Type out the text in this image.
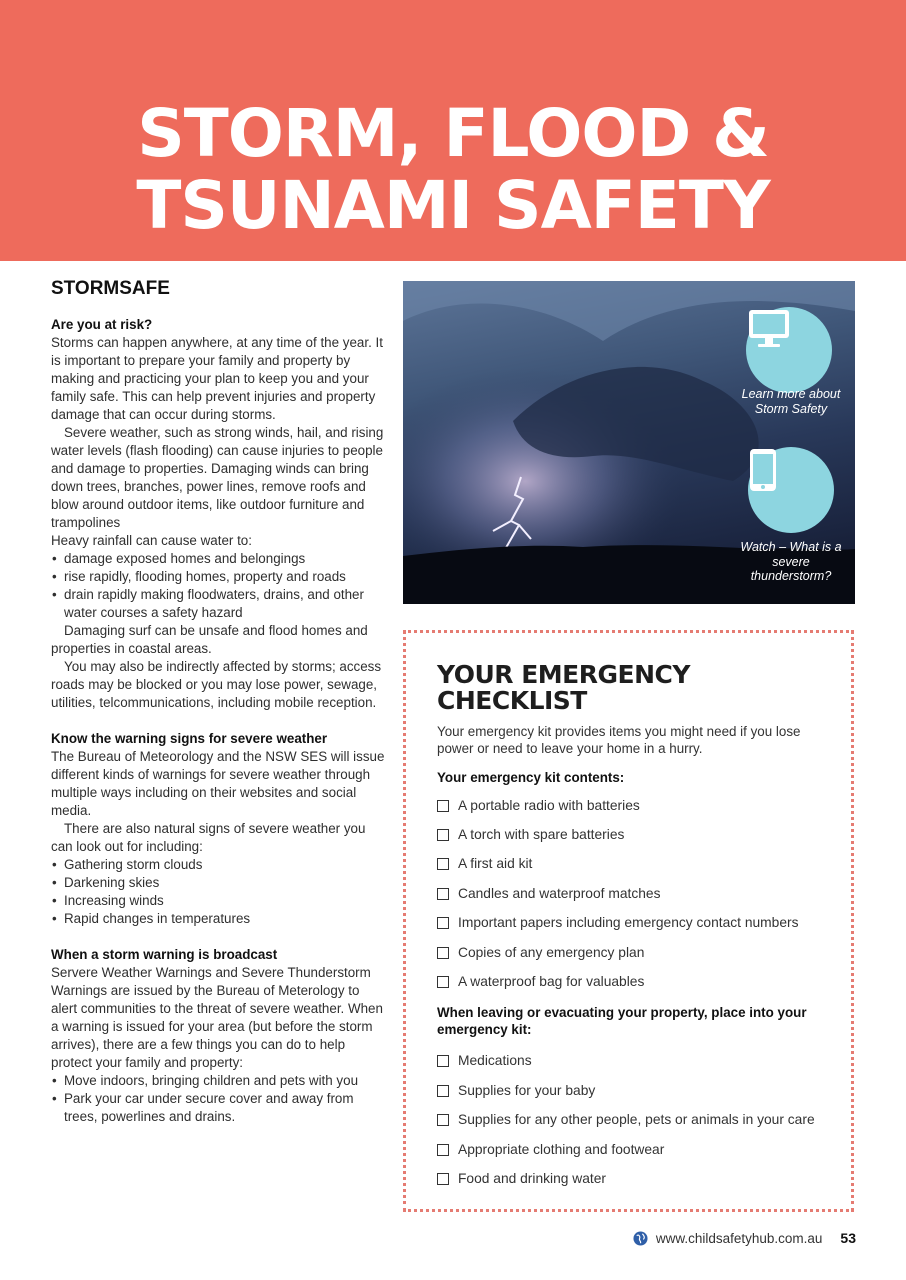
STORM, FLOOD &
TSUNAMI SAFETY
STORMSAFE
Are you at risk?
Storms can happen anywhere, at any time of the year. It is important to prepare your family and property by making and practicing your plan to keep you and your family safe. This can help prevent injuries and property damage that can occur during storms.
Severe weather, such as strong winds, hail, and rising water levels (flash flooding) can cause injuries to people and damage to properties. Damaging winds can bring down trees, branches, power lines, remove roofs and blow around outdoor items, like outdoor furniture and trampolines
Heavy rainfall can cause water to:
• damage exposed homes and belongings
• rise rapidly, flooding homes, property and roads
• drain rapidly making floodwaters, drains, and other water courses a safety hazard
Damaging surf can be unsafe and flood homes and properties in coastal areas.
You may also be indirectly affected by storms; access roads may be blocked or you may lose power, sewage, utilities, telcommunications, including mobile reception.
Know the warning signs for severe weather
The Bureau of Meteorology and the NSW SES will issue different kinds of warnings for severe weather through multiple ways including on their websites and social media.
There are also natural signs of severe weather you can look out for including:
• Gathering storm clouds
• Darkening skies
• Increasing winds
• Rapid changes in temperatures
When a storm warning is broadcast
Servere Weather Warnings and Severe Thunderstorm Warnings are issued by the Bureau of Meterology to alert communities to the threat of severe weather. When a warning is issued for your area (but before the storm arrives), there are a few things you can do to help protect your family and property:
• Move indoors, bringing children and pets with you
• Park your car under secure cover and away from trees, powerlines and drains.
Learn more about Storm Safety
Watch – What is a severe thunderstorm?
YOUR EMERGENCY
CHECKLIST
Your emergency kit provides items you might need if you lose power or need to leave your home in a hurry.
Your emergency kit contents:
A portable radio with batteries
A torch with spare batteries
A first aid kit
Candles and waterproof matches
Important papers including emergency contact numbers
Copies of any emergency plan
A waterproof bag for valuables
When leaving or evacuating your property, place into your emergency kit:
Medications
Supplies for your baby
Supplies for any other people, pets or animals in your care
Appropriate clothing and footwear
Food and drinking water
www.childsafetyhub.com.au 53
